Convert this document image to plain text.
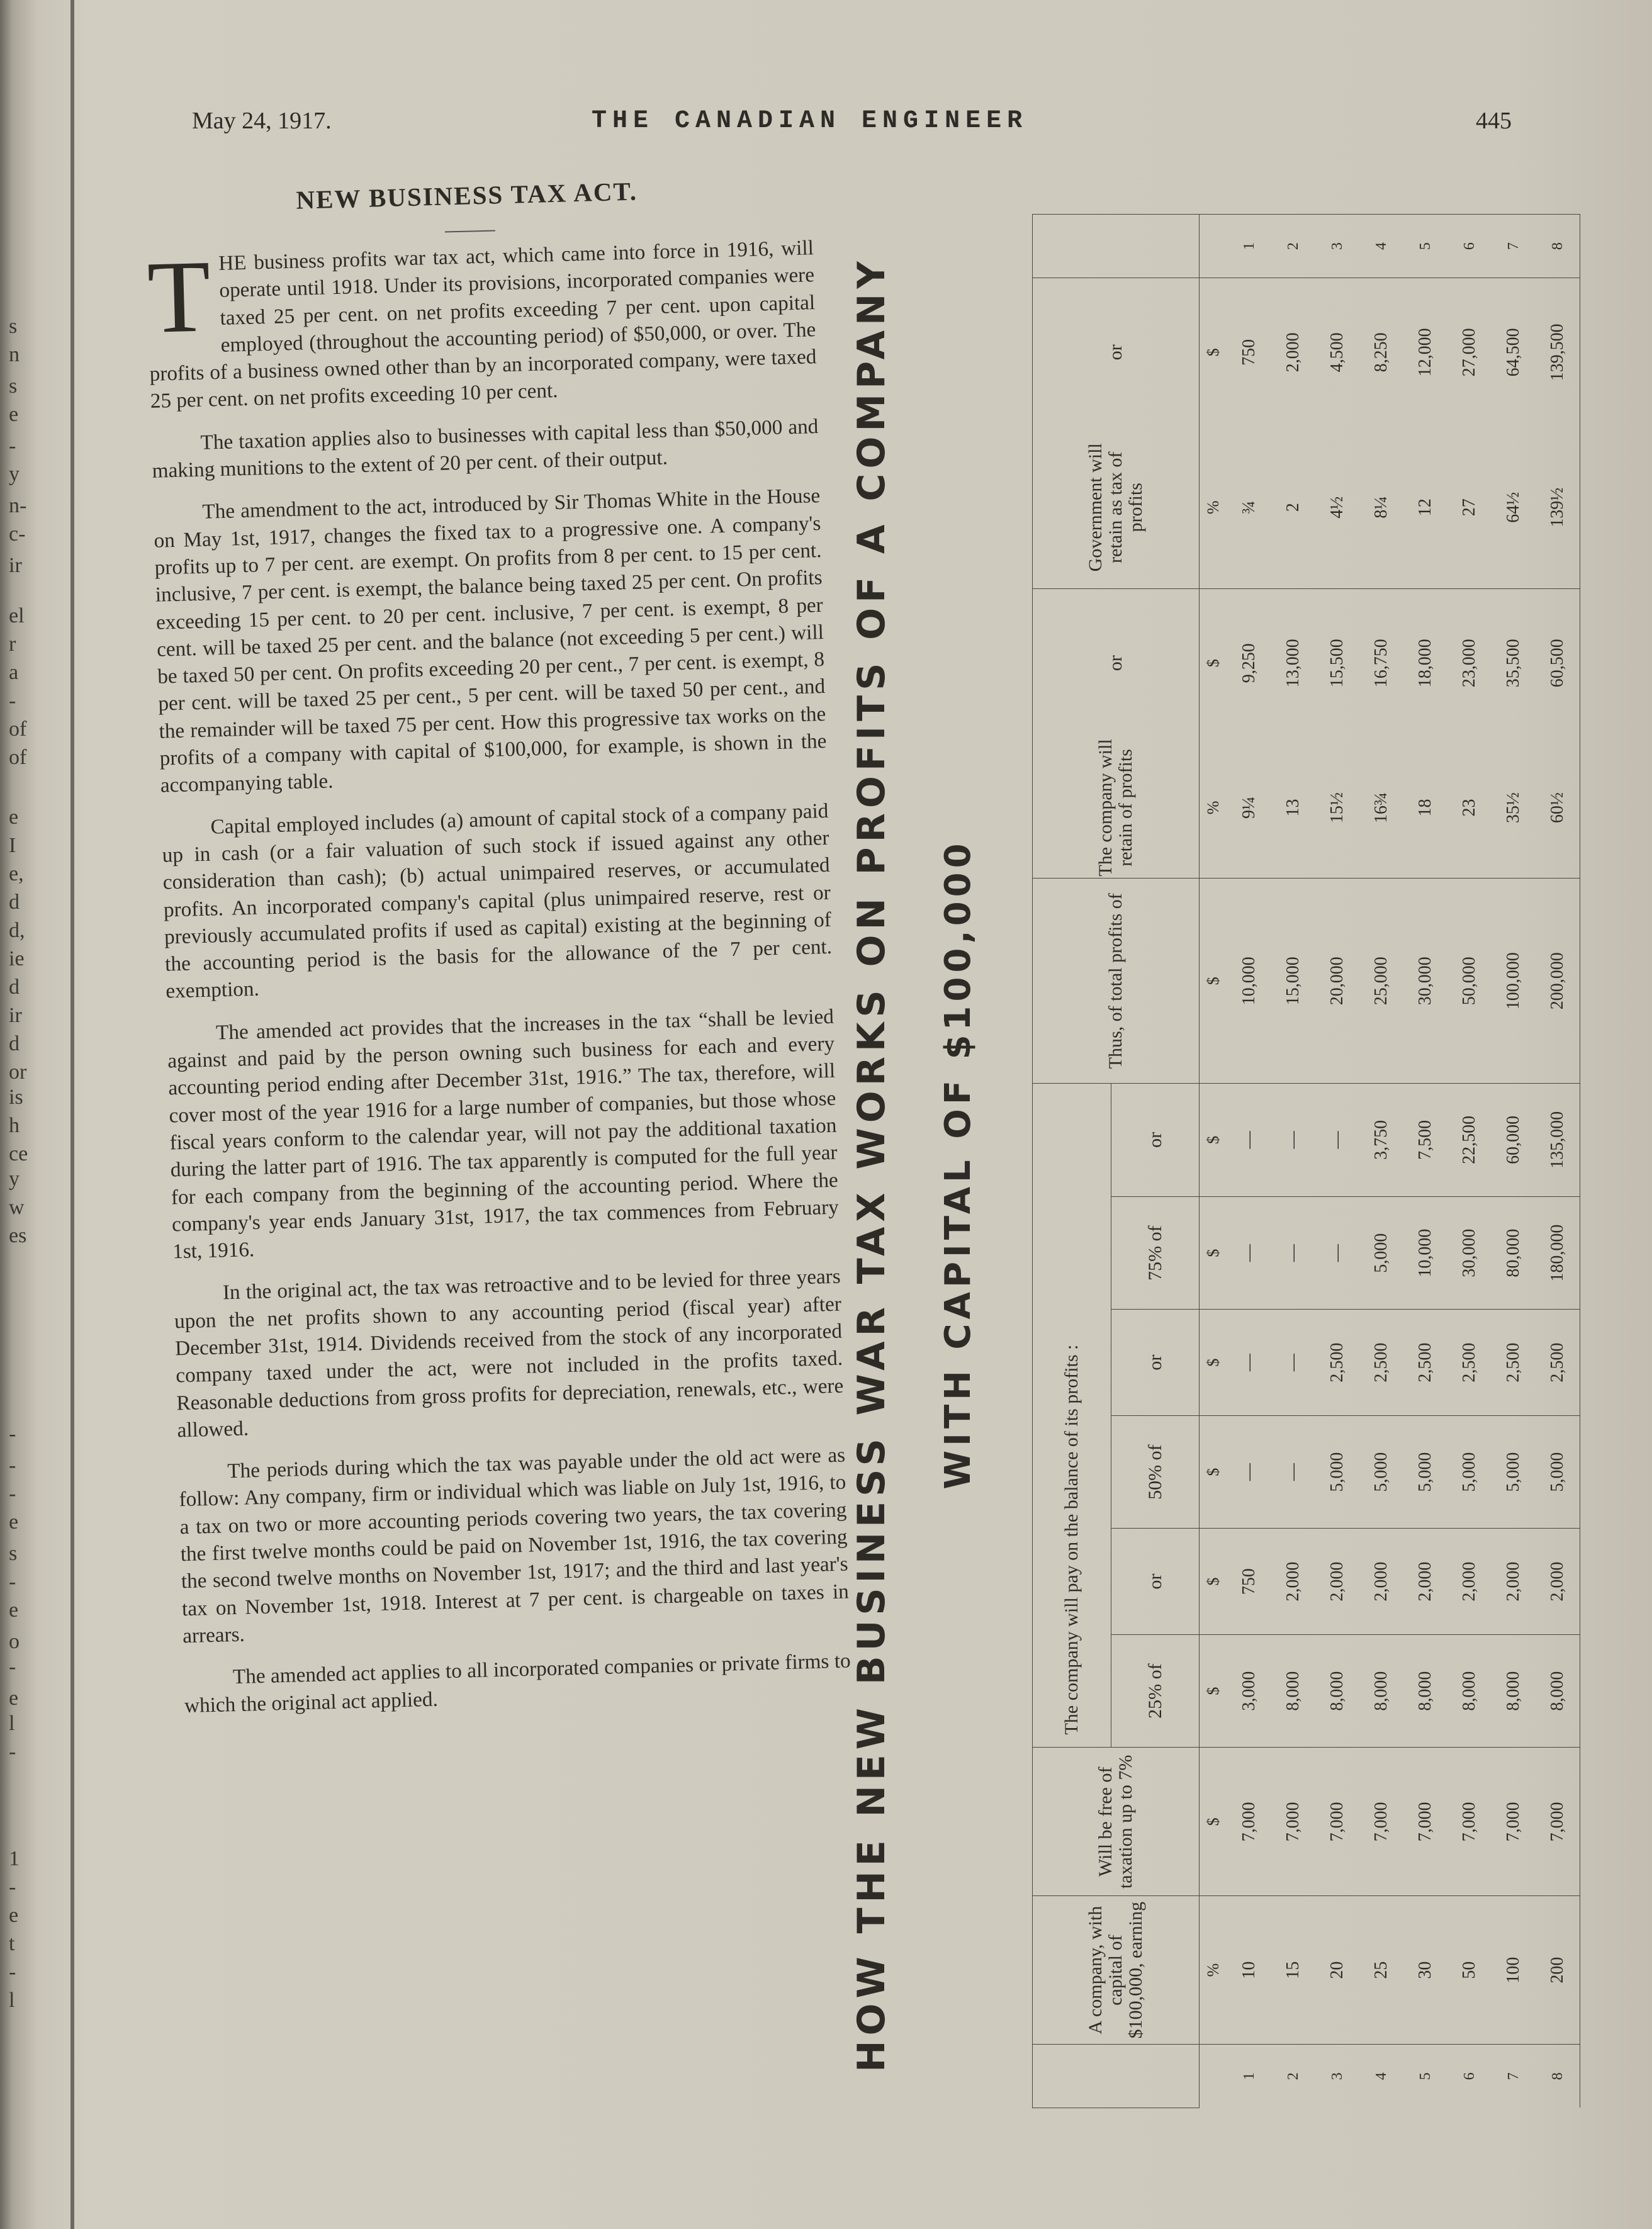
s
n
s
e
-
y
n-
c-
ir
el
r
a
-
of
of
e
I
e,
d
d,
ie
d
ir
d
or
is
h
ce
y
w
es
-
-
-
e
s
-
e
o
-
e
l
-
1
-
e
t
-
l
May 24, 1917.	THE CANADIAN ENGINEER	445
NEW BUSINESS TAX ACT.

THE business profits war tax act, which came into force in 1916, will operate until 1918. Under its provisions, incorporated companies were taxed 25 per cent. on net profits exceeding 7 per cent. upon capital employed (throughout the accounting period) of $50,000, or over. The profits of a business owned other than by an incorporated company, were taxed 25 per cent. on net profits exceeding 10 per cent.

The taxation applies also to businesses with capital less than $50,000 and making munitions to the extent of 20 per cent. of their output.

The amendment to the act, introduced by Sir Thomas White in the House on May 1st, 1917, changes the fixed tax to a progressive one. A company's profits up to 7 per cent. are exempt. On profits from 8 per cent. to 15 per cent. inclusive, 7 per cent. is exempt, the balance being taxed 25 per cent. On profits exceeding 15 per cent. to 20 per cent. inclusive, 7 per cent. is exempt, 8 per cent. will be taxed 25 per cent. and the balance (not exceeding 5 per cent.) will be taxed 50 per cent. On profits exceeding 20 per cent., 7 per cent. is exempt, 8 per cent. will be taxed 25 per cent., 5 per cent. will be taxed 50 per cent., and the remainder will be taxed 75 per cent. How this progressive tax works on the profits of a company with capital of $100,000, for example, is shown in the accompanying table.

Capital employed includes (a) amount of capital stock of a company paid up in cash (or a fair valuation of such stock if issued against any other consideration than cash); (b) actual unimpaired reserves, or accumulated profits. An incorporated company's capital (plus unimpaired reserve, rest or previously accumulated profits if used as capital) existing at the beginning of the accounting period is the basis for the allowance of the 7 per cent. exemption.

The amended act provides that the increases in the tax “shall be levied against and paid by the person owning such business for each and every accounting period ending after December 31st, 1916.” The tax, therefore, will cover most of the year 1916 for a large number of companies, but those whose fiscal years conform to the calendar year, will not pay the additional taxation during the latter part of 1916. The tax apparently is computed for the full year for each company from the beginning of the accounting period. Where the company's year ends January 31st, 1917, the tax commences from February 1st, 1916.

In the original act, the tax was retroactive and to be levied for three years upon the net profits shown to any accounting period (fiscal year) after December 31st, 1914. Dividends received from the stock of any incorporated company taxed under the act, were not included in the profits taxed. Reasonable deductions from gross profits for depreciation, renewals, etc., were allowed.

The periods during which the tax was payable under the old act were as follow: Any company, firm or individual which was liable on July 1st, 1916, to a tax on two or more accounting periods covering two years, the tax covering the first twelve months could be paid on November 1st, 1916, the tax covering the second twelve months on November 1st, 1917; and the third and last year's tax on November 1st, 1918. Interest at 7 per cent. is chargeable on taxes in arrears.

The amended act applies to all incorporated companies or private firms to which the original act applied.	HOW THE NEW BUSINESS WAR TAX WORKS ON PROFITS OF A COMPANY WITH CAPITAL OF $100,000
	A company, with capital of $100,000, earning	Will be free of taxation up to 7%	The company will pay on the balance of its profits :						Thus, of total profits of	The company will retain of profits	or	Government will retain as tax of profits	or	
			25% of	or	50% of	or	75% of	or						
	%	$	$	$	$	$	$	$	$	%	$	%	$	
1	10	7,000	3,000	750	—	—	—	—	10,000	9¼	9,250	¾	750	1
2	15	7,000	8,000	2,000	—	—	—	—	15,000	13	13,000	2	2,000	2
3	20	7,000	8,000	2,000	5,000	2,500	—	—	20,000	15½	15,500	4½	4,500	3
4	25	7,000	8,000	2,000	5,000	2,500	5,000	3,750	25,000	16¾	16,750	8¼	8,250	4
5	30	7,000	8,000	2,000	5,000	2,500	10,000	7,500	30,000	18	18,000	12	12,000	5
6	50	7,000	8,000	2,000	5,000	2,500	30,000	22,500	50,000	23	23,000	27	27,000	6
7	100	7,000	8,000	2,000	5,000	2,500	80,000	60,000	100,000	35½	35,500	64½	64,500	7
8	200	7,000	8,000	2,000	5,000	2,500	180,000	135,000	200,000	60½	60,500	139½	139,500	8
